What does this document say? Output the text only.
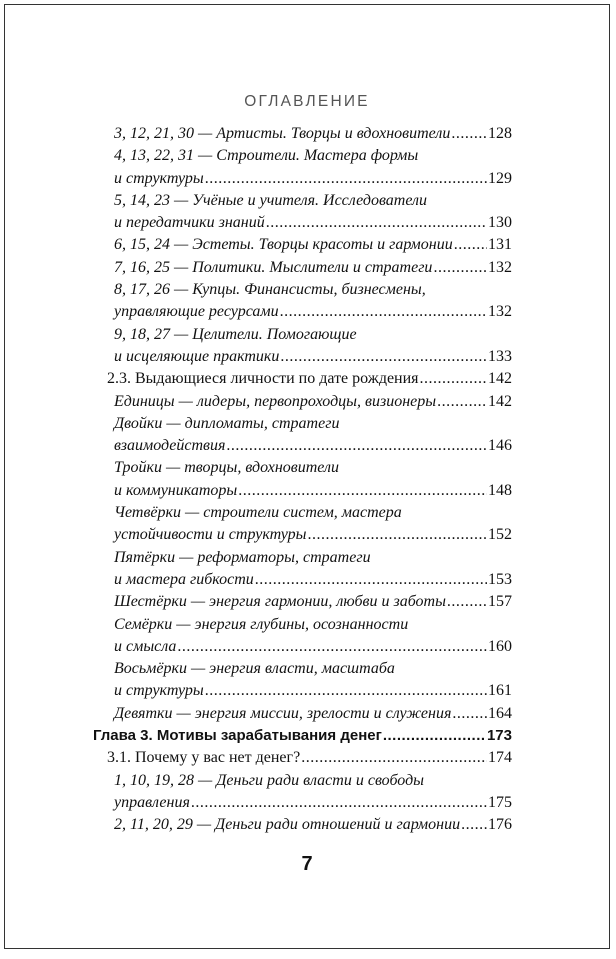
ОГЛАВЛЕНИЕ
3, 12, 21, 30 — Артисты. Творцы и вдохновители ..... 128
4, 13, 22, 31 — Строители. Мастера формы
и структуры .....	129
5, 14, 23 — Учёные и учителя. Исследователи
и передатчики знаний .....	130
6, 15, 24 — Эстеты. Творцы красоты и гармонии ..... 131
7, 16, 25 — Политики. Мыслители и стратеги .....	132
8, 17, 26 — Купцы. Финансисты, бизнесмены,
управляющие ресурсами .....	132
9, 18, 27 — Целители. Помогающие
и исцеляющие практики .....	133
2.3. Выдающиеся личности по дате рождения .....	142
Единицы — лидеры, первопроходцы, визионеры .....	142
Двойки — дипломаты, стратеги
взаимодействия .....	146
Тройки — творцы, вдохновители
и коммуникаторы .....	148
Четвёрки — строители систем, мастера
устойчивости и структуры .....	152
Пятёрки — реформаторы, стратеги
и мастера гибкости .....	153
Шестёрки — энергия гармонии, любви и заботы .....	157
Семёрки — энергия глубины, осознанности
и смысла .....	160
Восьмёрки — энергия власти, масштаба
и структуры .....	161
Девятки — энергия миссии, зрелости и служения ..... 164
Глава 3. Мотивы зарабатывания денег .....	173
3.1. Почему у вас нет денег? .....	174
1, 10, 19, 28 — Деньги ради власти и свободы
управления .....	175
2, 11, 20, 29 — Деньги ради отношений и гармонии ..... 176
7
